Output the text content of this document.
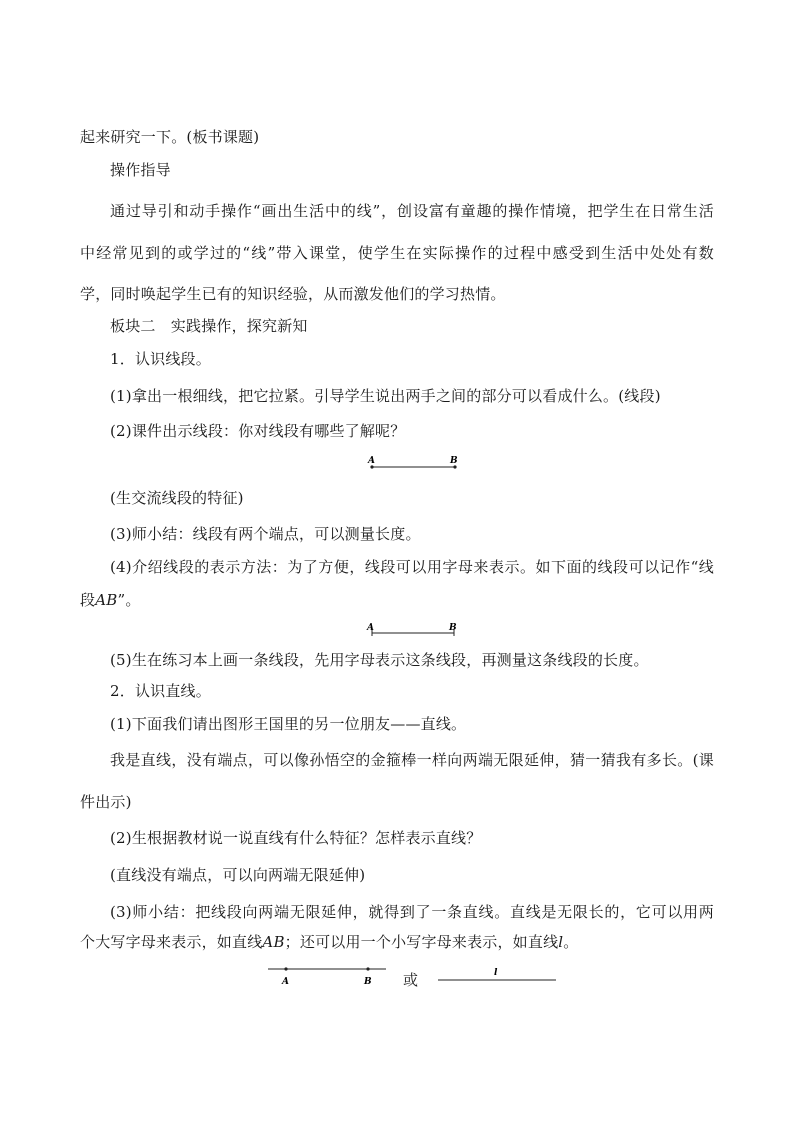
起来研究一下。(板书课题)
操作指导
通过导引和动手操作“画出生活中的线”，创设富有童趣的操作情境，把学生在日常生活
中经常见到的或学过的“线”带入课堂，使学生在实际操作的过程中感受到生活中处处有数
学，同时唤起学生已有的知识经验，从而激发他们的学习热情。
板块二　实践操作，探究新知
1．认识线段。
(1)拿出一根细线，把它拉紧。引导学生说出两手之间的部分可以看成什么。(线段)
(2)课件出示线段：你对线段有哪些了解呢？
A	B
(生交流线段的特征)
(3)师小结：线段有两个端点，可以测量长度。
(4)介绍线段的表示方法：为了方便，线段可以用字母来表示。如下面的线段可以记作“线
段AB”。
A	B
(5)生在练习本上画一条线段，先用字母表示这条线段，再测量这条线段的长度。
2．认识直线。
(1)下面我们请出图形王国里的另一位朋友——直线。
我是直线，没有端点，可以像孙悟空的金箍棒一样向两端无限延伸，猜一猜我有多长。(课
件出示)
(2)生根据教材说一说直线有什么特征？怎样表示直线？
(直线没有端点，可以向两端无限延伸)
(3)师小结：把线段向两端无限延伸，就得到了一条直线。直线是无限长的，它可以用两
个大写字母来表示，如直线AB；还可以用一个小写字母来表示，如直线l。
A	B 或	l
